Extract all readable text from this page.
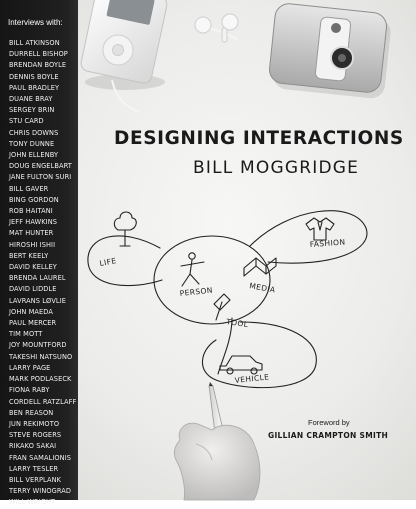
Interviews with:
BILL ATKINSON
DURRELL BISHOP
BRENDAN BOYLE
DENNIS BOYLE
PAUL BRADLEY
DUANE BRAY
SERGEY BRIN
STU CARD
CHRIS DOWNS
TONY DUNNE
JOHN ELLENBY
DOUG ENGELBART
JANE FULTON SURI
BILL GAVER
BING GORDON
ROB HAITANI
JEFF HAWKINS
MAT HUNTER
HIROSHI ISHII
BERT KEELY
DAVID KELLEY
BRENDA LAUREL
DAVID LIDDLE
LAVRANS LØVLIE
JOHN MAEDA
PAUL MERCER
TIM MOTT
JOY MOUNTFORD
TAKESHI NATSUNO
LARRY PAGE
MARK PODLASECK
FIONA RABY
CORDELL RATZLAFF
BEN REASON
JUN REKIMOTO
STEVE ROGERS
RIKAKO SAKAI
FRAN SAMALIONIS
LARRY TESLER
BILL VERPLANK
TERRY WINOGRAD
WILL WRIGHT
LIFE
PERSON	MEDIA
FASHION
TOOL
VEHICLE
DESIGNING INTERACTIONS
BILL MOGGRIDGE
Foreword by
GILLIAN CRAMPTON SMITH
